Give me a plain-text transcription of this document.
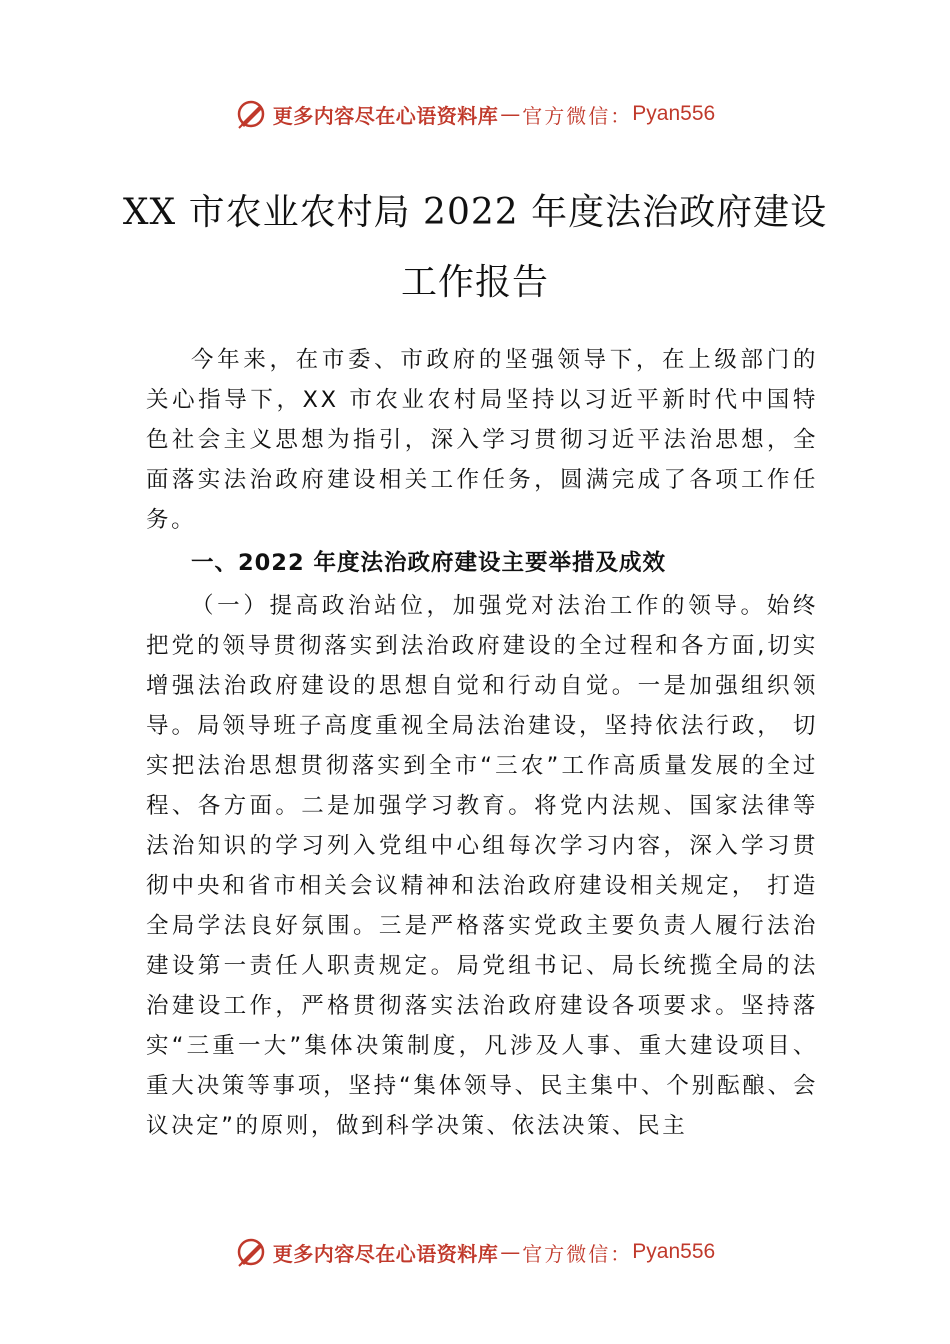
更多内容尽在心语资料库 — 官方微信： Pyan556
XX 市农业农村局 2022 年度法治政府建设
工作报告

今年来，在市委、市政府的坚强领导下，在上级部门的关心指导下，XX 市农业农村局坚持以习近平新时代中国特色社会主义思想为指引，深入学习贯彻习近平法治思想，全面落实法治政府建设相关工作任务，圆满完成了各项工作任务。

一、2022 年度法治政府建设主要举措及成效

（一）提高政治站位，加强党对法治工作的领导。始终把党的领导贯彻落实到法治政府建设的全过程和各方面,切实增强法治政府建设的思想自觉和行动自觉。一是加强组织领导。局领导班子高度重视全局法治建设，坚持依法行政， 切实把法治思想贯彻落实到全市“三农”工作高质量发展的全过程、各方面。二是加强学习教育。将党内法规、国家法律等法治知识的学习列入党组中心组每次学习内容，深入学习贯彻中央和省市相关会议精神和法治政府建设相关规定， 打造全局学法良好氛围。三是严格落实党政主要负责人履行法治建设第一责任人职责规定。局党组书记、局长统揽全局的法治建设工作，严格贯彻落实法治政府建设各项要求。坚持落实“三重一大”集体决策制度，凡涉及人事、重大建设项目、重大决策等事项，坚持“集体领导、民主集中、个别酝酿、会议决定”的原则，做到科学决策、依法决策、民主

更多内容尽在心语资料库 — 官方微信： Pyan556
